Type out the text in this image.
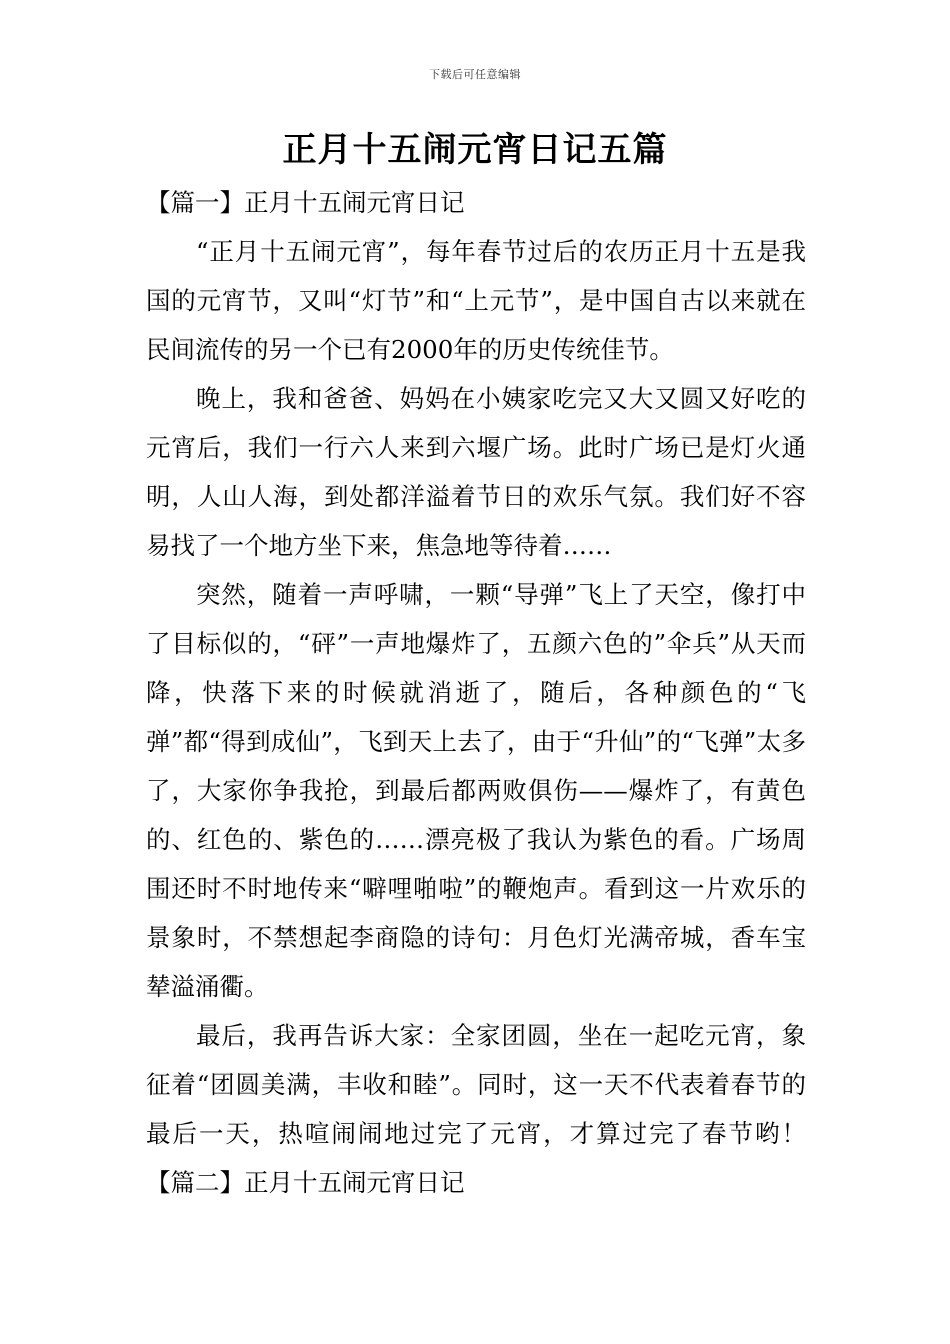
下载后可任意编辑
正月十五闹元宵日记五篇

【篇一】正月十五闹元宵日记

“正月十五闹元宵”，每年春节过后的农历正月十五是我国的元宵节，又叫“灯节”和“上元节”，是中国自古以来就在民间流传的另一个已有2000年的历史传统佳节。

晚上，我和爸爸、妈妈在小姨家吃完又大又圆又好吃的元宵后，我们一行六人来到六堰广场。此时广场已是灯火通明，人山人海，到处都洋溢着节日的欢乐气氛。我们好不容易找了一个地方坐下来，焦急地等待着……

突然，随着一声呼啸，一颗“导弹”飞上了天空，像打中了目标似的，“砰”一声地爆炸了，五颜六色的”伞兵”从天而降，快落下来的时候就消逝了，随后，各种颜色的“飞弹”都“得到成仙”，飞到天上去了，由于“升仙”的“飞弹”太多了，大家你争我抢，到最后都两败俱伤——爆炸了，有黄色的、红色的、紫色的……漂亮极了我认为紫色的看。广场周围还时不时地传来“噼哩啪啦”的鞭炮声。看到这一片欢乐的景象时，不禁想起李商隐的诗句：月色灯光满帝城，香车宝辇溢涌衢。

最后，我再告诉大家：全家团圆，坐在一起吃元宵，象征着“团圆美满，丰收和睦”。同时，这一天不代表着春节的最后一天，热喧闹闹地过完了元宵，才算过完了春节哟！【篇二】正月十五闹元宵日记
